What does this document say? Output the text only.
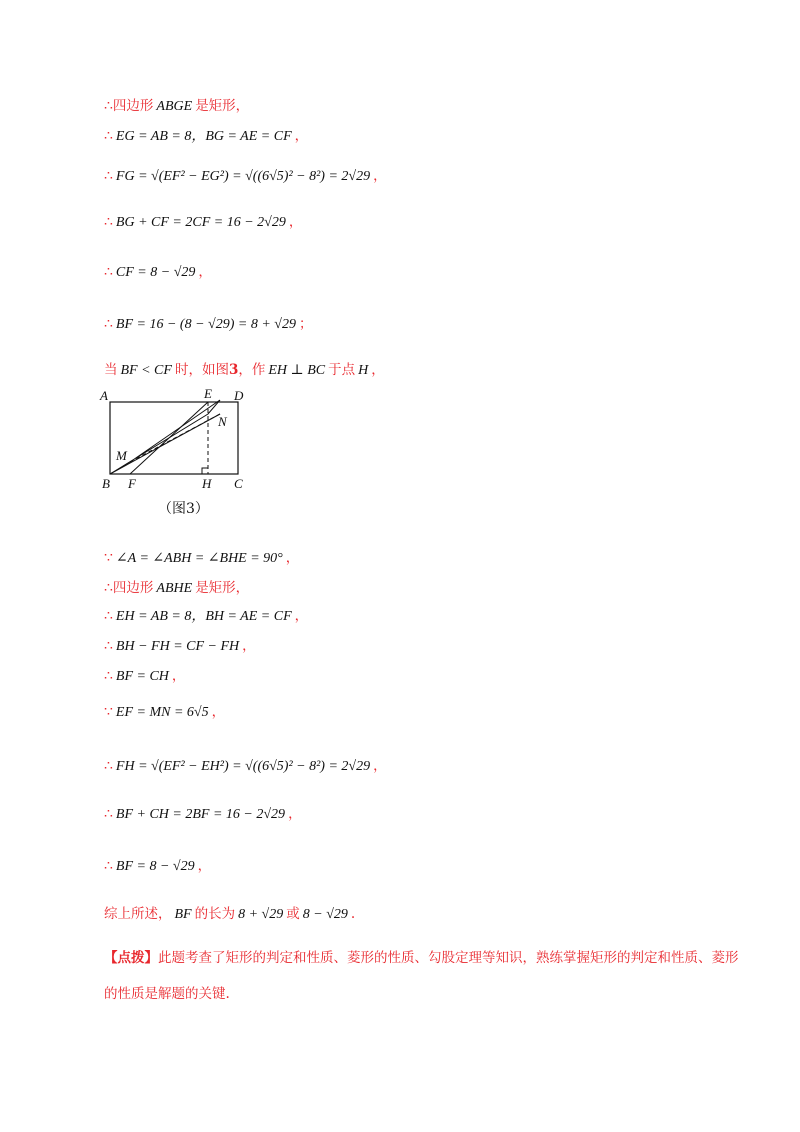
∴四边形 ABGE 是矩形，
∴ EG = AB = 8，BG = AE = CF ，
∴ FG = √(EF² − EG²) = √((6√5)² − 8²) = 2√29 ，
∴ BG + CF = 2CF = 16 − 2√29 ，
∴ CF = 8 − √29 ，
∴ BF = 16 − (8 − √29) = 8 + √29 ；
当 BF < CF 时，如图3，作 EH ⊥ BC 于点 H ，
A	E D
N
M
B F	H C
（图3）
∵ ∠A = ∠ABH = ∠BHE = 90° ，
∴四边形 ABHE 是矩形，
∴ EH = AB = 8，BH = AE = CF ，
∴ BH − FH = CF − FH ，
∴ BF = CH ，
∵ EF = MN = 6√5 ，
∴ FH = √(EF² − EH²) = √((6√5)² − 8²) = 2√29 ，
∴ BF + CH = 2BF = 16 − 2√29 ，
∴ BF = 8 − √29 ，
综上所述， BF 的长为 8 + √29 或 8 − √29 .
【点拨】此题考查了矩形的判定和性质、菱形的性质、勾股定理等知识，熟练掌握矩形的判定和性质、菱形的性质是解题的关键.
